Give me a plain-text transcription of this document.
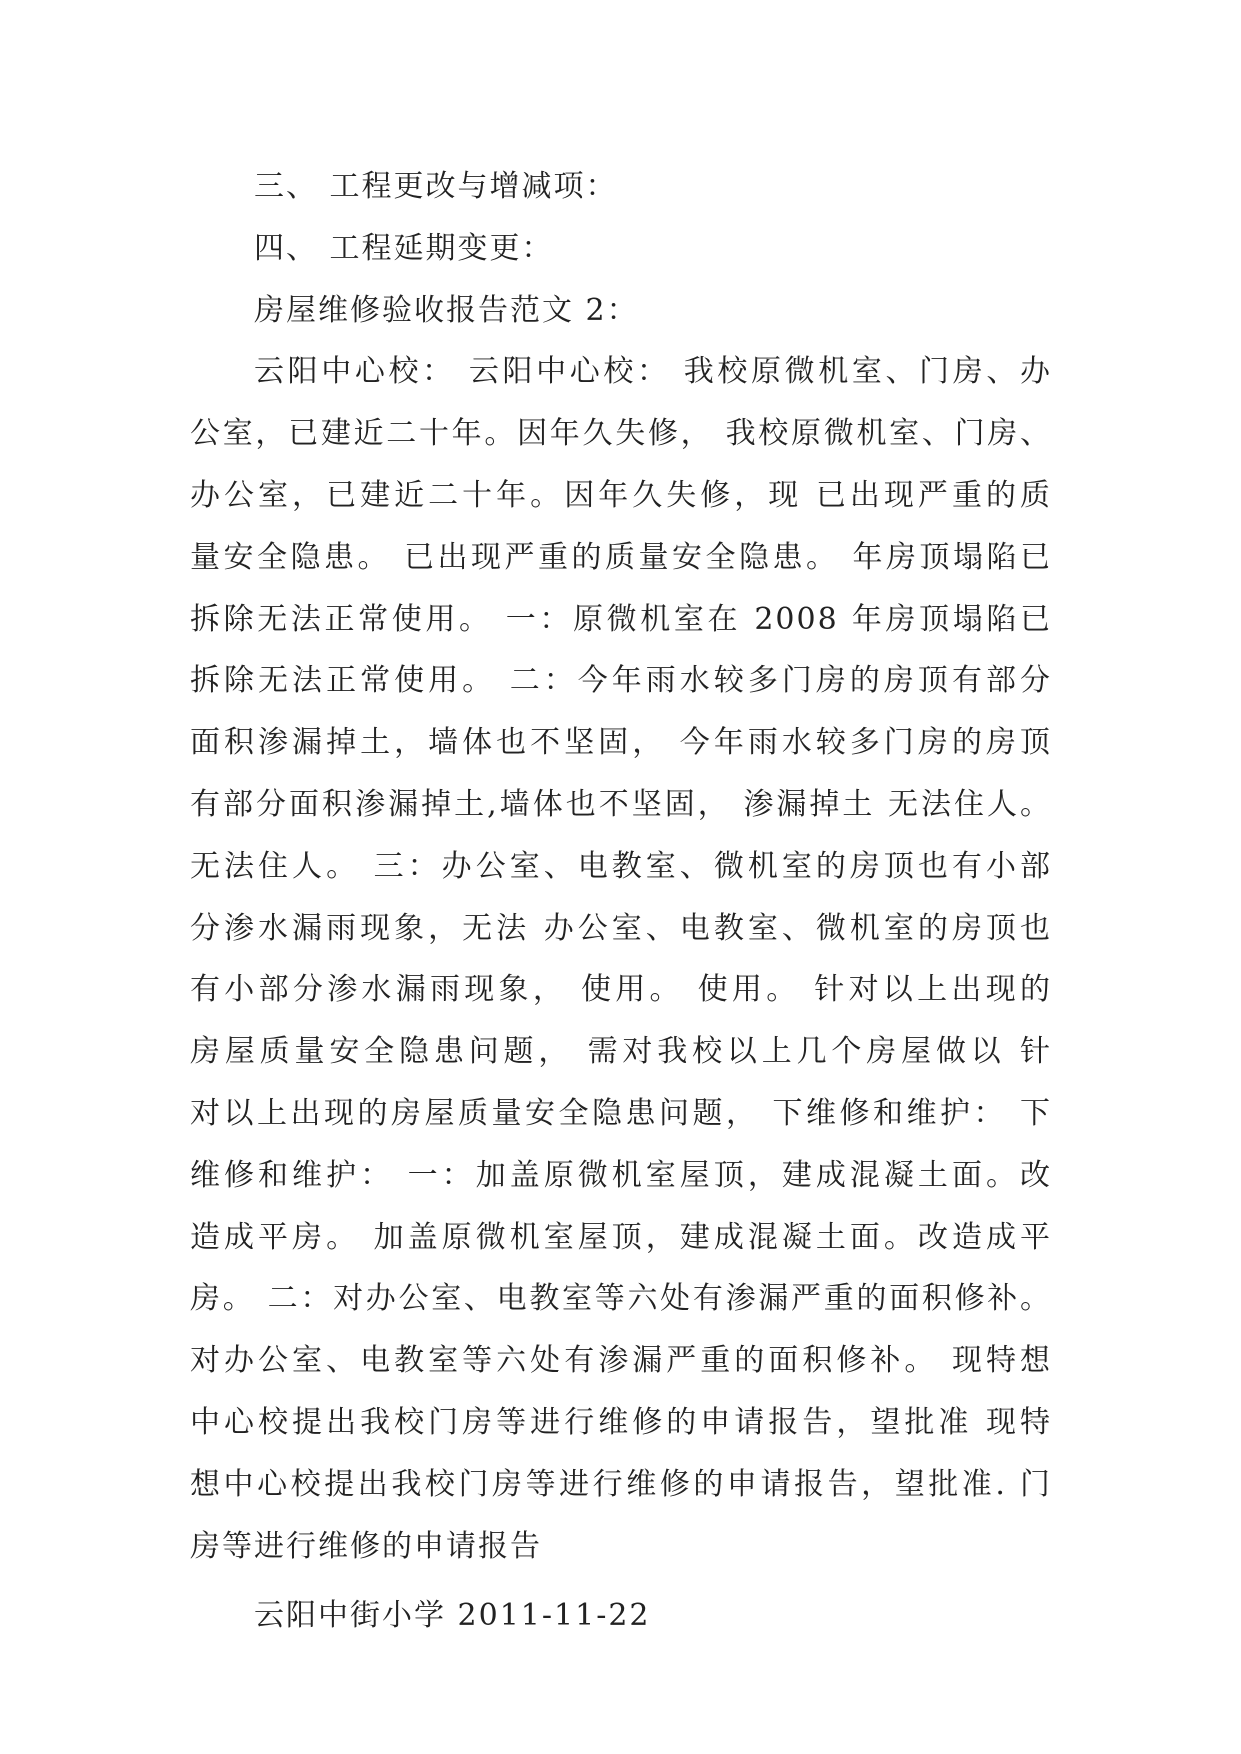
三、 工程更改与增减项：
四、 工程延期变更：
房屋维修验收报告范文 2：
云阳中心校： 云阳中心校： 我校原微机室、门房、办
公室，已建近二十年。因年久失修， 我校原微机室、门房、
办公室，已建近二十年。因年久失修，现 已出现严重的质
量安全隐患。 已出现严重的质量安全隐患。 年房顶塌陷已
拆除无法正常使用。 一：原微机室在 2008 年房顶塌陷已
拆除无法正常使用。 二：今年雨水较多门房的房顶有部分
面积渗漏掉土，墙体也不坚固， 今年雨水较多门房的房顶
有部分面积渗漏掉土,墙体也不坚固， 渗漏掉土 无法住人。
无法住人。 三：办公室、电教室、微机室的房顶也有小部
分渗水漏雨现象，无法 办公室、电教室、微机室的房顶也
有小部分渗水漏雨现象， 使用。 使用。 针对以上出现的
房屋质量安全隐患问题， 需对我校以上几个房屋做以 针
对以上出现的房屋质量安全隐患问题， 下维修和维护： 下
维修和维护： 一：加盖原微机室屋顶，建成混凝土面。改
造成平房。 加盖原微机室屋顶，建成混凝土面。改造成平
房。 二：对办公室、电教室等六处有渗漏严重的面积修补。
对办公室、电教室等六处有渗漏严重的面积修补。 现特想
中心校提出我校门房等进行维修的申请报告，望批准 现特
想中心校提出我校门房等进行维修的申请报告，望批准. 门
房等进行维修的申请报告
云阳中街小学 2011-11-22
